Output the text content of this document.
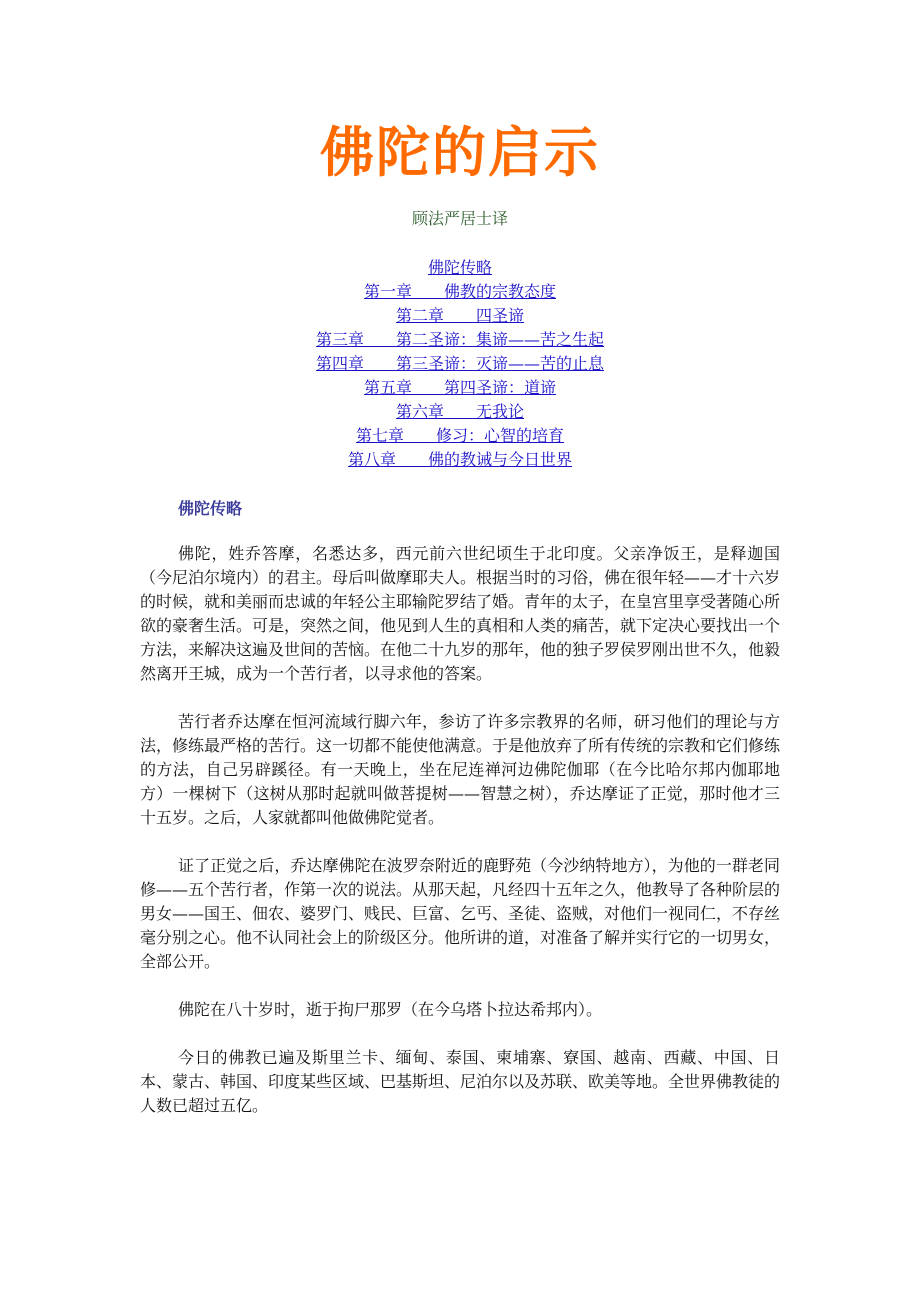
佛陀的启示

顾法严居士译

佛陀传略
第一章　　佛教的宗教态度
第二章　　四圣谛
第三章　　第二圣谛：集谛——苦之生起
第四章　　第三圣谛：灭谛——苦的止息
第五章　　第四圣谛：道谛
第六章　　无我论
第七章　　修习：心智的培育
第八章　　佛的教诫与今日世界
佛陀传略

佛陀，姓乔答摩，名悉达多，西元前六世纪顷生于北印度。父亲净饭王，是释迦国（今尼泊尔境内）的君主。母后叫做摩耶夫人。根据当时的习俗，佛在很年轻——才十六岁的时候，就和美丽而忠诚的年轻公主耶输陀罗结了婚。青年的太子，在皇宫里享受著随心所欲的豪奢生活。可是，突然之间，他见到人生的真相和人类的痛苦，就下定决心要找出一个方法，来解决这遍及世间的苦恼。在他二十九岁的那年，他的独子罗侯罗刚出世不久，他毅然离开王城，成为一个苦行者，以寻求他的答案。

苦行者乔达摩在恒河流域行脚六年，参访了许多宗教界的名师，研习他们的理论与方法，修练最严格的苦行。这一切都不能使他满意。于是他放弃了所有传统的宗教和它们修练的方法，自己另辟蹊径。有一天晚上，坐在尼连禅河边佛陀伽耶（在今比哈尔邦内伽耶地方）一棵树下（这树从那时起就叫做菩提树——智慧之树），乔达摩证了正觉，那时他才三十五岁。之后，人家就都叫他做佛陀觉者。

证了正觉之后，乔达摩佛陀在波罗奈附近的鹿野苑（今沙纳特地方），为他的一群老同修——五个苦行者，作第一次的说法。从那天起，凡经四十五年之久，他教导了各种阶层的男女——国王、佃农、婆罗门、贱民、巨富、乞丐、圣徒、盗贼，对他们一视同仁，不存丝毫分别之心。他不认同社会上的阶级区分。他所讲的道，对准备了解并实行它的一切男女，全部公开。

佛陀在八十岁时，逝于拘尸那罗（在今乌塔卜拉达希邦内）。

今日的佛教已遍及斯里兰卡、缅甸、泰国、柬埔寨、寮国、越南、西藏、中国、日本、蒙古、韩国、印度某些区域、巴基斯坦、尼泊尔以及苏联、欧美等地。全世界佛教徒的人数已超过五亿。
